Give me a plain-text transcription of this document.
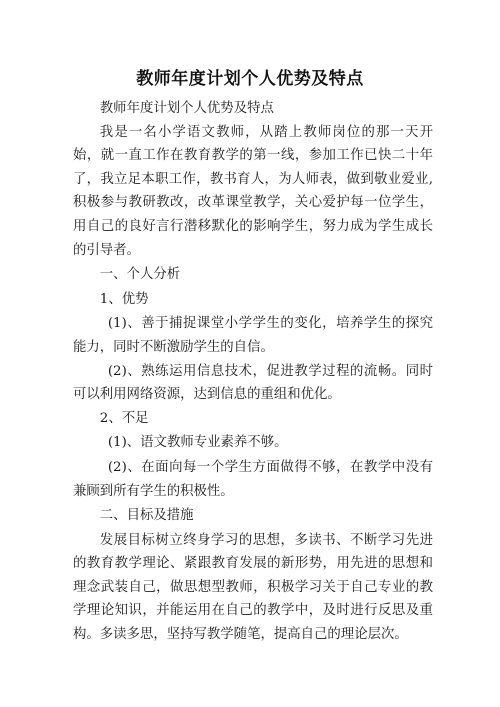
教师年度计划个人优势及特点

教师年度计划个人优势及特点

我是一名小学语文教师，从踏上教师岗位的那一天开始，就一直工作在教育教学的第一线，参加工作已快二十年了，我立足本职工作，教书育人，为人师表，做到敬业爱业,积极参与教研教改，改革课堂教学，关心爱护每一位学生，用自己的良好言行潜移默化的影响学生，努力成为学生成长的引导者。

一、个人分析

1、优势

(1)、善于捕捉课堂小学学生的变化，培养学生的探究能力，同时不断激励学生的自信。

(2)、熟练运用信息技术，促进教学过程的流畅。同时可以利用网络资源，达到信息的重组和优化。

2、不足

(1)、语文教师专业素养不够。

(2)、在面向每一个学生方面做得不够，在教学中没有兼顾到所有学生的积极性。

二、目标及措施

发展目标树立终身学习的思想，多读书、不断学习先进的教育教学理论、紧跟教育发展的新形势，用先进的思想和理念武装自己，做思想型教师，积极学习关于自己专业的教学理论知识，并能运用在自己的教学中，及时进行反思及重构。多读多思，坚持写教学随笔，提高自己的理论层次。
